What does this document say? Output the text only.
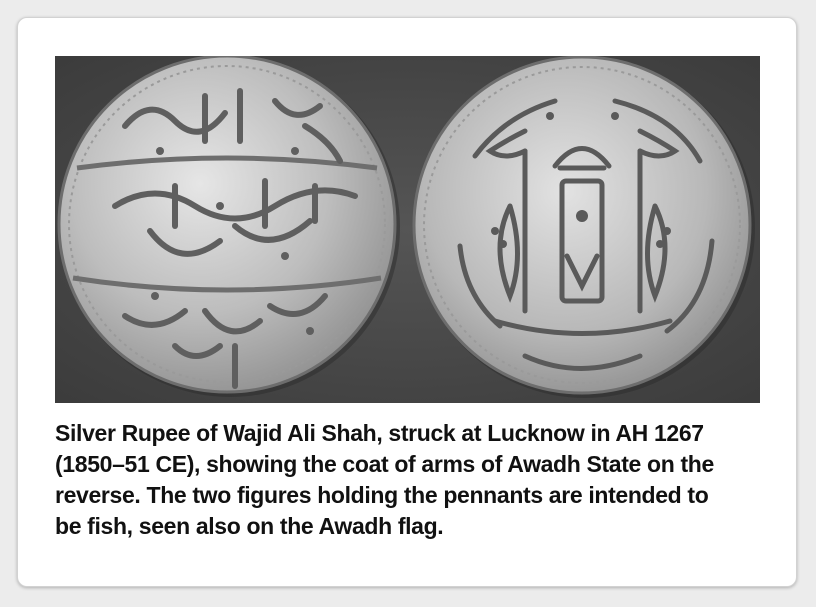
Silver Rupee of Wajid Ali Shah, struck at Lucknow in AH 1267
(1850–51 CE), showing the coat of arms of Awadh State on the
reverse. The two figures holding the pennants are intended to
be fish, seen also on the Awadh flag.
